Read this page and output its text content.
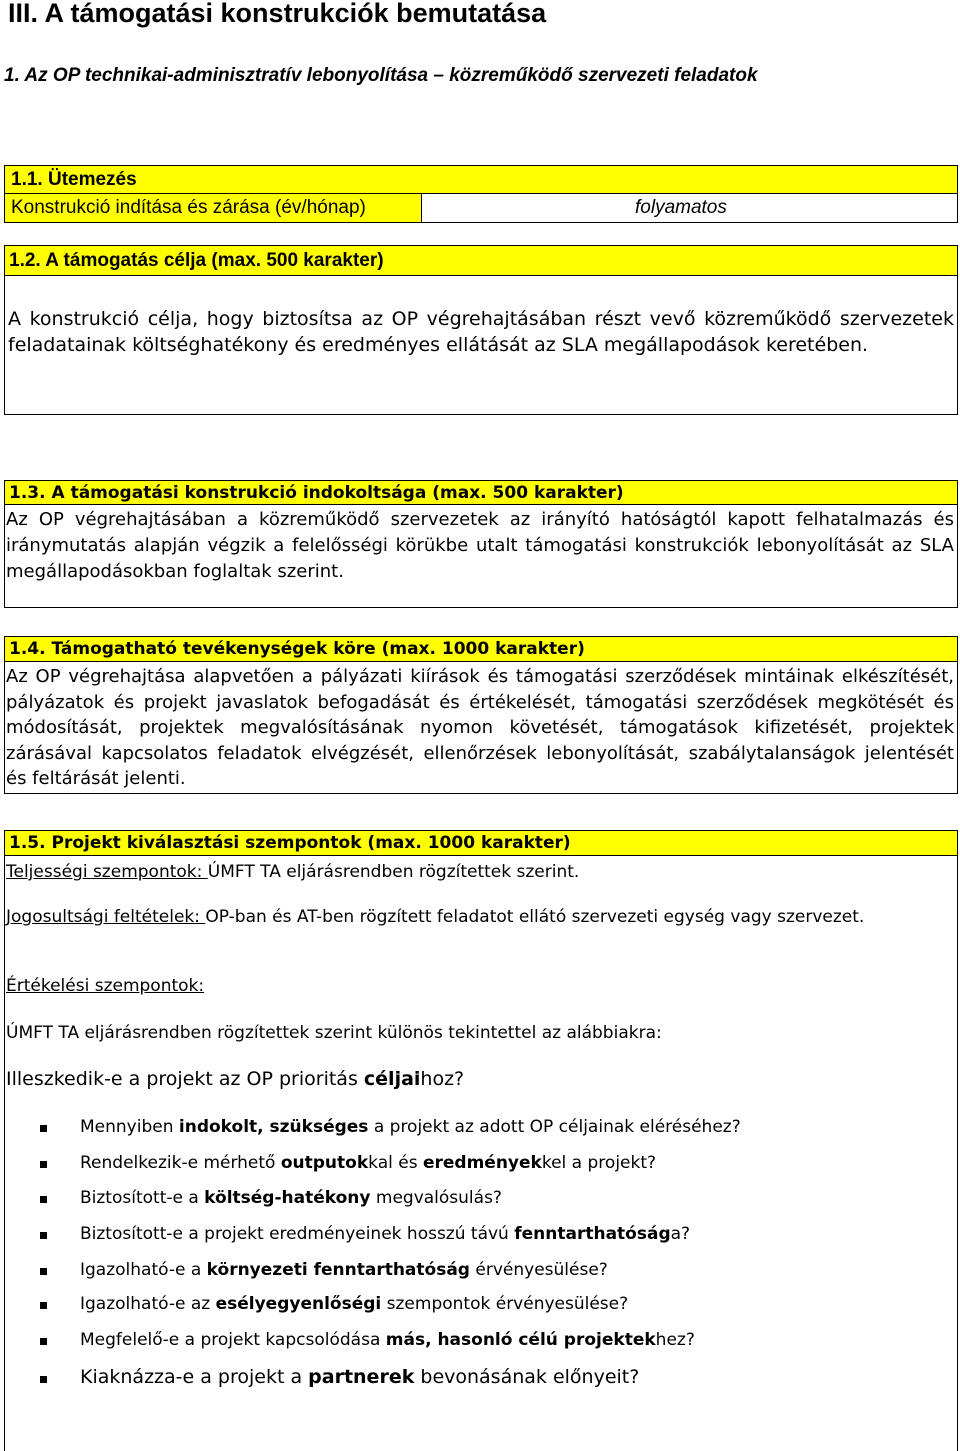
III. A támogatási konstrukciók bemutatása
1. Az OP technikai-adminisztratív lebonyolítása – közreműködő szervezeti feladatok
1.1. Ütemezés
Konstrukció indítása és zárása (év/hónap)	folyamatos
1.2. A támogatás célja (max. 500 karakter)
A konstrukció célja, hogy biztosítsa az OP végrehajtásában részt vevő közreműködő szervezetek feladatainak költséghatékony és eredményes ellátását az SLA megállapodások keretében.
1.3. A támogatási konstrukció indokoltsága (max. 500 karakter)
Az OP végrehajtásában a közreműködő szervezetek az irányító hatóságtól kapott felhatalmazás és iránymutatás alapján végzik a felelősségi körükbe utalt támogatási konstrukciók lebonyolítását az SLA megállapodásokban foglaltak szerint.
1.4. Támogatható tevékenységek köre (max. 1000 karakter)
Az OP végrehajtása alapvetően a pályázati kiírások és támogatási szerződések mintáinak elkészítését, pályázatok és projekt javaslatok befogadását és értékelését, támogatási szerződések megkötését és módosítását, projektek megvalósításának nyomon követését, támogatások kifizetését, projektek zárásával kapcsolatos feladatok elvégzését, ellenőrzések lebonyolítását, szabálytalanságok jelentését és feltárását jelenti.
1.5. Projekt kiválasztási szempontok (max. 1000 karakter)
Teljességi szempontok: ÚMFT TA eljárásrendben rögzítettek szerint.
Jogosultsági feltételek: OP-ban és AT-ben rögzített feladatot ellátó szervezeti egység vagy szervezet.
Értékelési szempontok:
ÚMFT TA eljárásrendben rögzítettek szerint különös tekintettel az alábbiakra:
Illeszkedik-e a projekt az OP prioritás céljaihoz?
Mennyiben indokolt, szükséges a projekt az adott OP céljainak eléréséhez?
Rendelkezik-e mérhető outputokkal és eredményekkel a projekt?
Biztosított-e a költség-hatékony megvalósulás?
Biztosított-e a projekt eredményeinek hosszú távú fenntarthatósága?
Igazolható-e a környezeti fenntarthatóság érvényesülése?
Igazolható-e az esélyegyenlőségi szempontok érvényesülése?
Megfelelő-e a projekt kapcsolódása más, hasonló célú projektekhez?
Kiaknázza-e a projekt a partnerek bevonásának előnyeit?
